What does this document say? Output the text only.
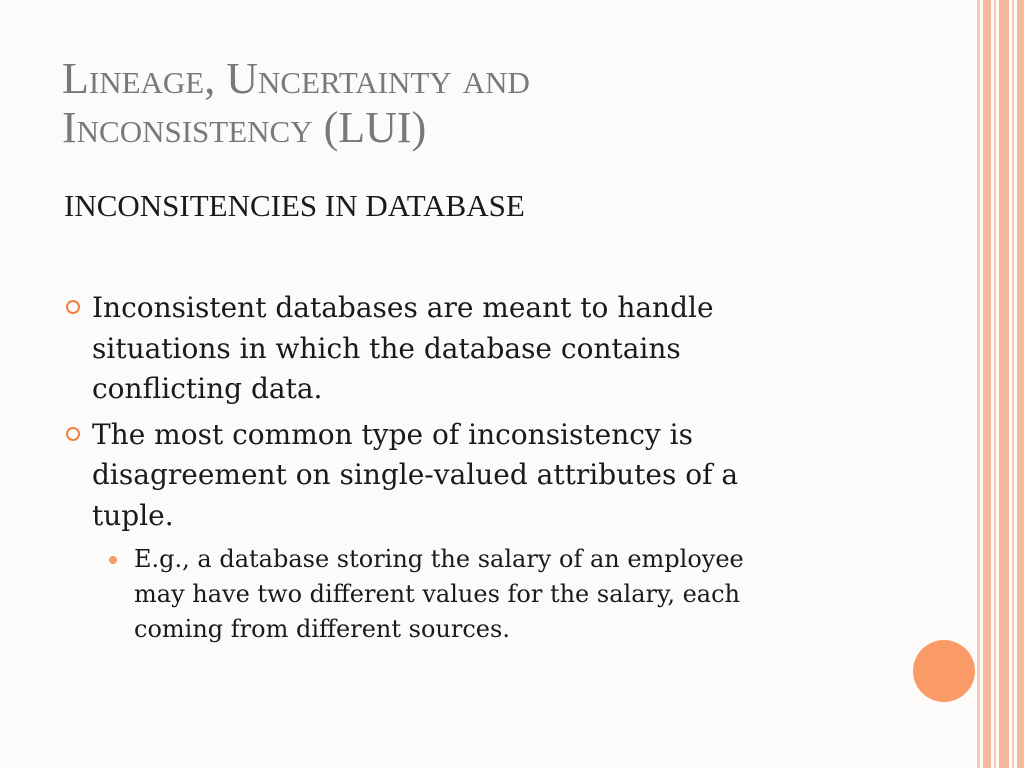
Lineage, Uncertainty and
Inconsistency (LUI)
INCONSITENCIES IN DATABASE
Inconsistent databases are meant to handle
situations in which the database contains
conflicting data.
The most common type of inconsistency is
disagreement on single-valued attributes of a
tuple.
E.g., a database storing the salary of an employee
may have two different values for the salary, each
coming from different sources.
